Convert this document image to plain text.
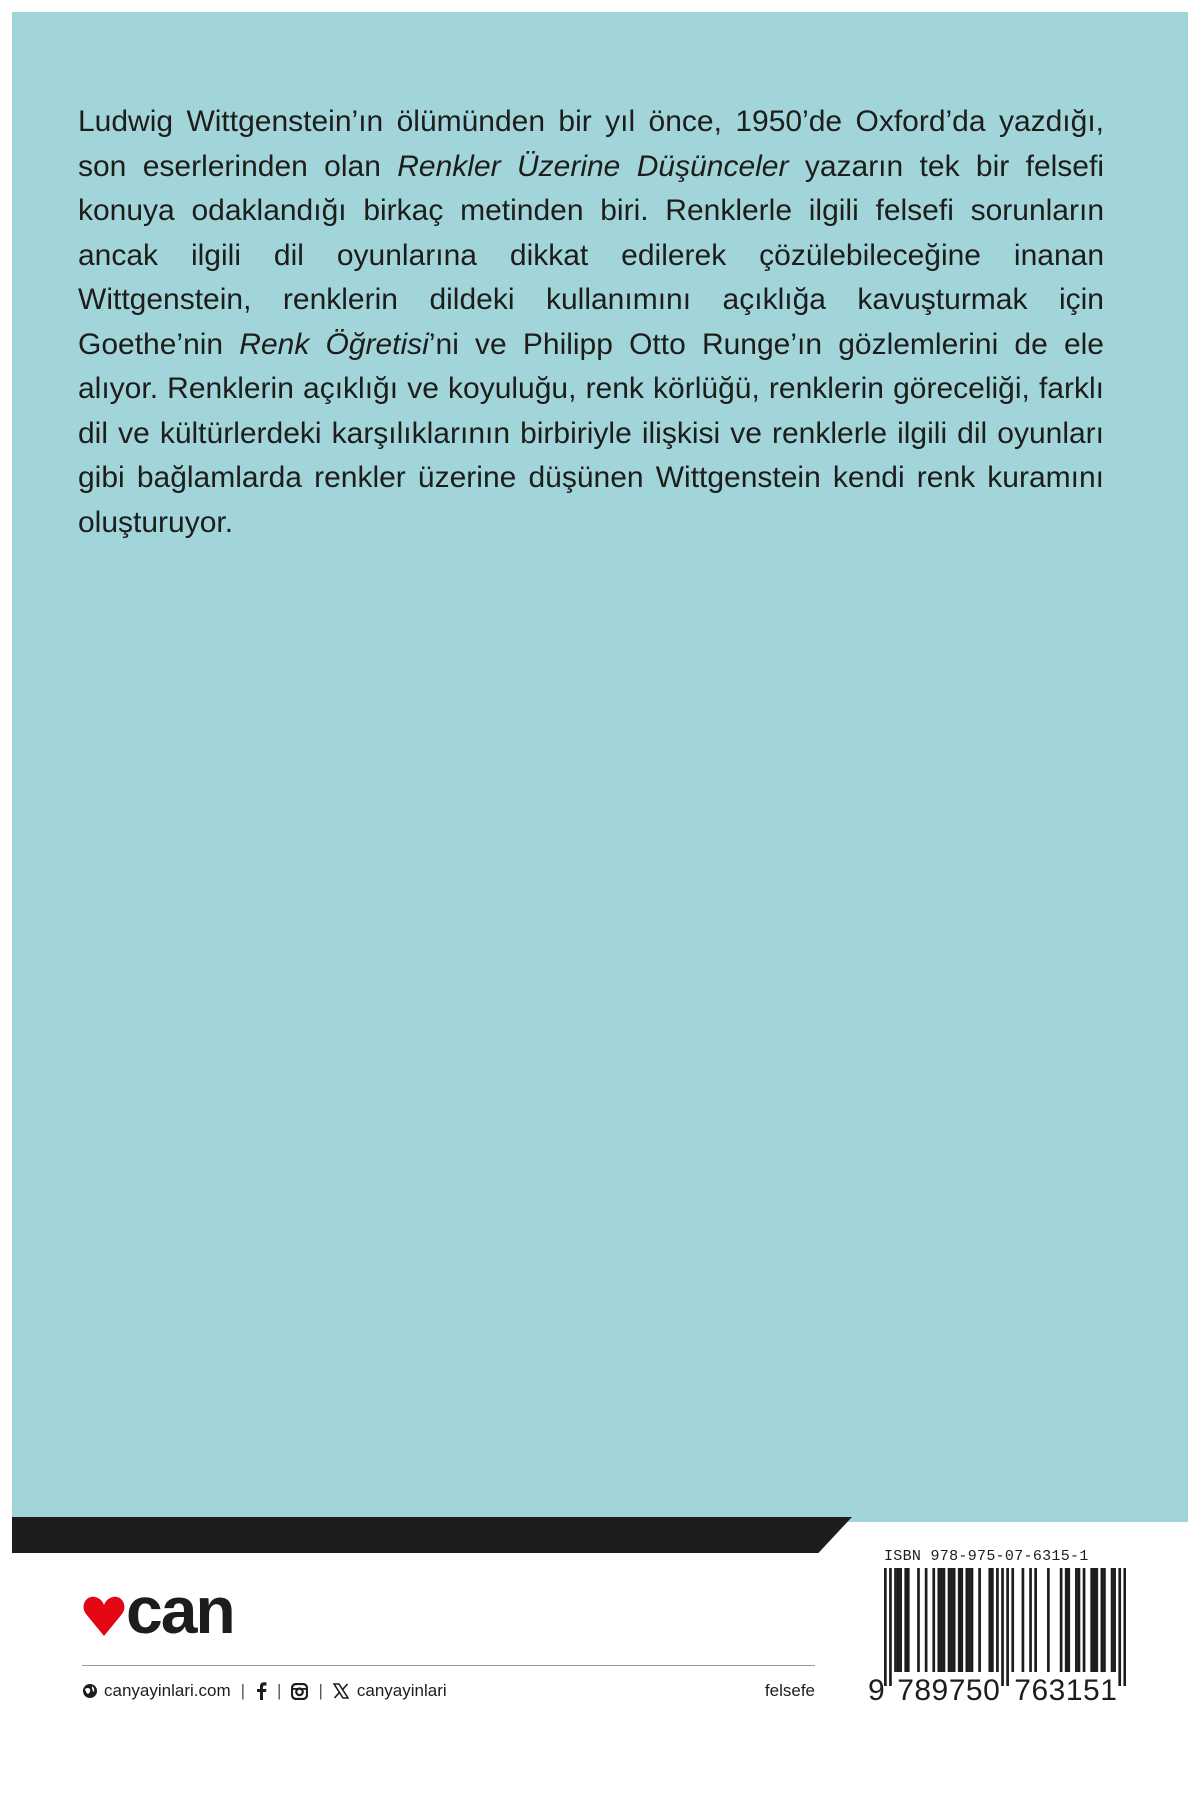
Ludwig Wittgenstein’ın ölümünden bir yıl önce, 1950’de Oxford’da yazdığı, son eserlerinden olan Renkler Üzerine Düşünceler yazarın tek bir felsefi konuya odaklandığı birkaç metinden biri. Renklerle ilgili felsefi sorunların ancak ilgili dil oyunlarına dikkat edilerek çözülebileceğine inanan Wittgenstein, renklerin dildeki kullanımını açıklığa kavuşturmak için Goethe’nin Renk Öğretisi’ni ve Philipp Otto Runge’ın gözlemlerini de ele alıyor. Renklerin açıklığı ve koyuluğu, renk körlüğü, renklerin göreceliği, farklı dil ve kültürlerdeki karşılıklarının birbiriyle ilişkisi ve renklerle ilgili dil oyunları gibi bağlamlarda renkler üzerine düşünen Wittgenstein kendi renk kuramını oluşturuyor.

can
canyayinlari.com | | | canyayinlari	felsefe
ISBN 978-975-07-6315-1
9 789750 763151
